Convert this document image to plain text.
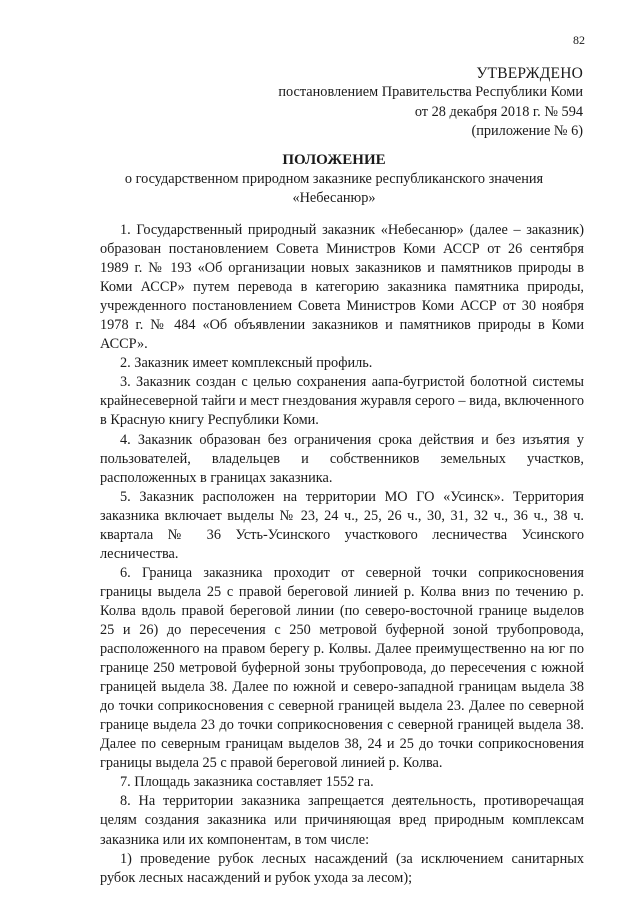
82
УТВЕРЖДЕНО
постановлением Правительства Республики Коми
от 28 декабря 2018 г. № 594
(приложение № 6)
ПОЛОЖЕНИЕ
о государственном природном заказнике республиканского значения
«Небесанюр»

1. Государственный природный заказник «Небесанюр» (далее – заказник) образован постановлением Совета Министров Коми АССР от 26 сентября 1989 г. № 193 «Об организации новых заказников и памятников природы в Коми АССР» путем перевода в категорию заказника памятника природы, учрежденного постановлением Совета Министров Коми АССР от 30 ноября 1978 г. № 484 «Об объявлении заказников и памятников природы в Коми АССР».

2. Заказник имеет комплексный профиль.

3. Заказник создан с целью сохранения аапа-бугристой болотной системы крайнесеверной тайги и мест гнездования журавля серого – вида, включенного в Красную книгу Республики Коми.

4. Заказник образован без ограничения срока действия и без изъятия у пользователей, владельцев и собственников земельных участков, расположенных в границах заказника.

5. Заказник расположен на территории МО ГО «Усинск». Территория заказника включает выделы № 23, 24 ч., 25, 26 ч., 30, 31, 32 ч., 36 ч., 38 ч. квартала № 36 Усть-Усинского участкового лесничества Усинского лесничества.

6. Граница заказника проходит от северной точки соприкосновения границы выдела 25 с правой береговой линией р. Колва вниз по течению р. Колва вдоль правой береговой линии (по северо-восточной границе выделов 25 и 26) до пересечения с 250 метровой буферной зоной трубопровода, расположенного на правом берегу р. Колвы. Далее преимущественно на юг по границе 250 метровой буферной зоны трубопровода, до пересечения с южной границей выдела 38. Далее по южной и северо-западной границам выдела 38 до точки соприкосновения с северной границей выдела 23. Далее по северной границе выдела 23 до точки соприкосновения с северной границей выдела 38. Далее по северным границам выделов 38, 24 и 25 до точки соприкосновения границы выдела 25 с правой береговой линией р. Колва.

7. Площадь заказника составляет 1552 га.

8. На территории заказника запрещается деятельность, противоречащая целям создания заказника или причиняющая вред природным комплексам заказника или их компонентам, в том числе:

1) проведение рубок лесных насаждений (за исключением санитарных рубок лесных насаждений и рубок ухода за лесом);
